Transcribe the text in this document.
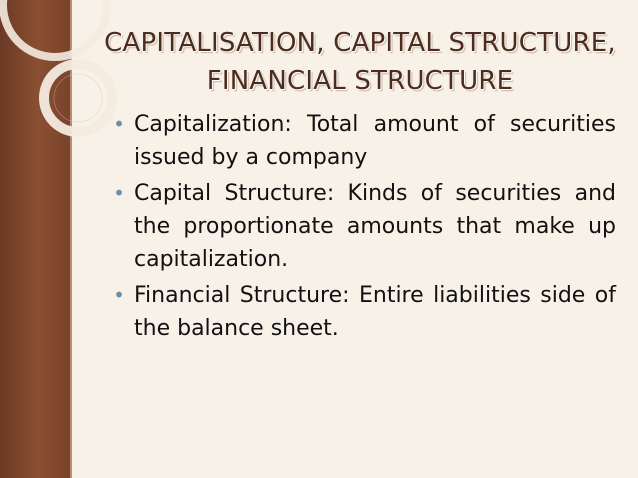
CAPITALISATION, CAPITAL STRUCTURE, FINANCIAL STRUCTURE
• Capitalization: Total amount of securities issued by a company
• Capital Structure: Kinds of securities and the proportionate amounts that make up capitalization.
• Financial Structure: Entire liabilities side of the balance sheet.
